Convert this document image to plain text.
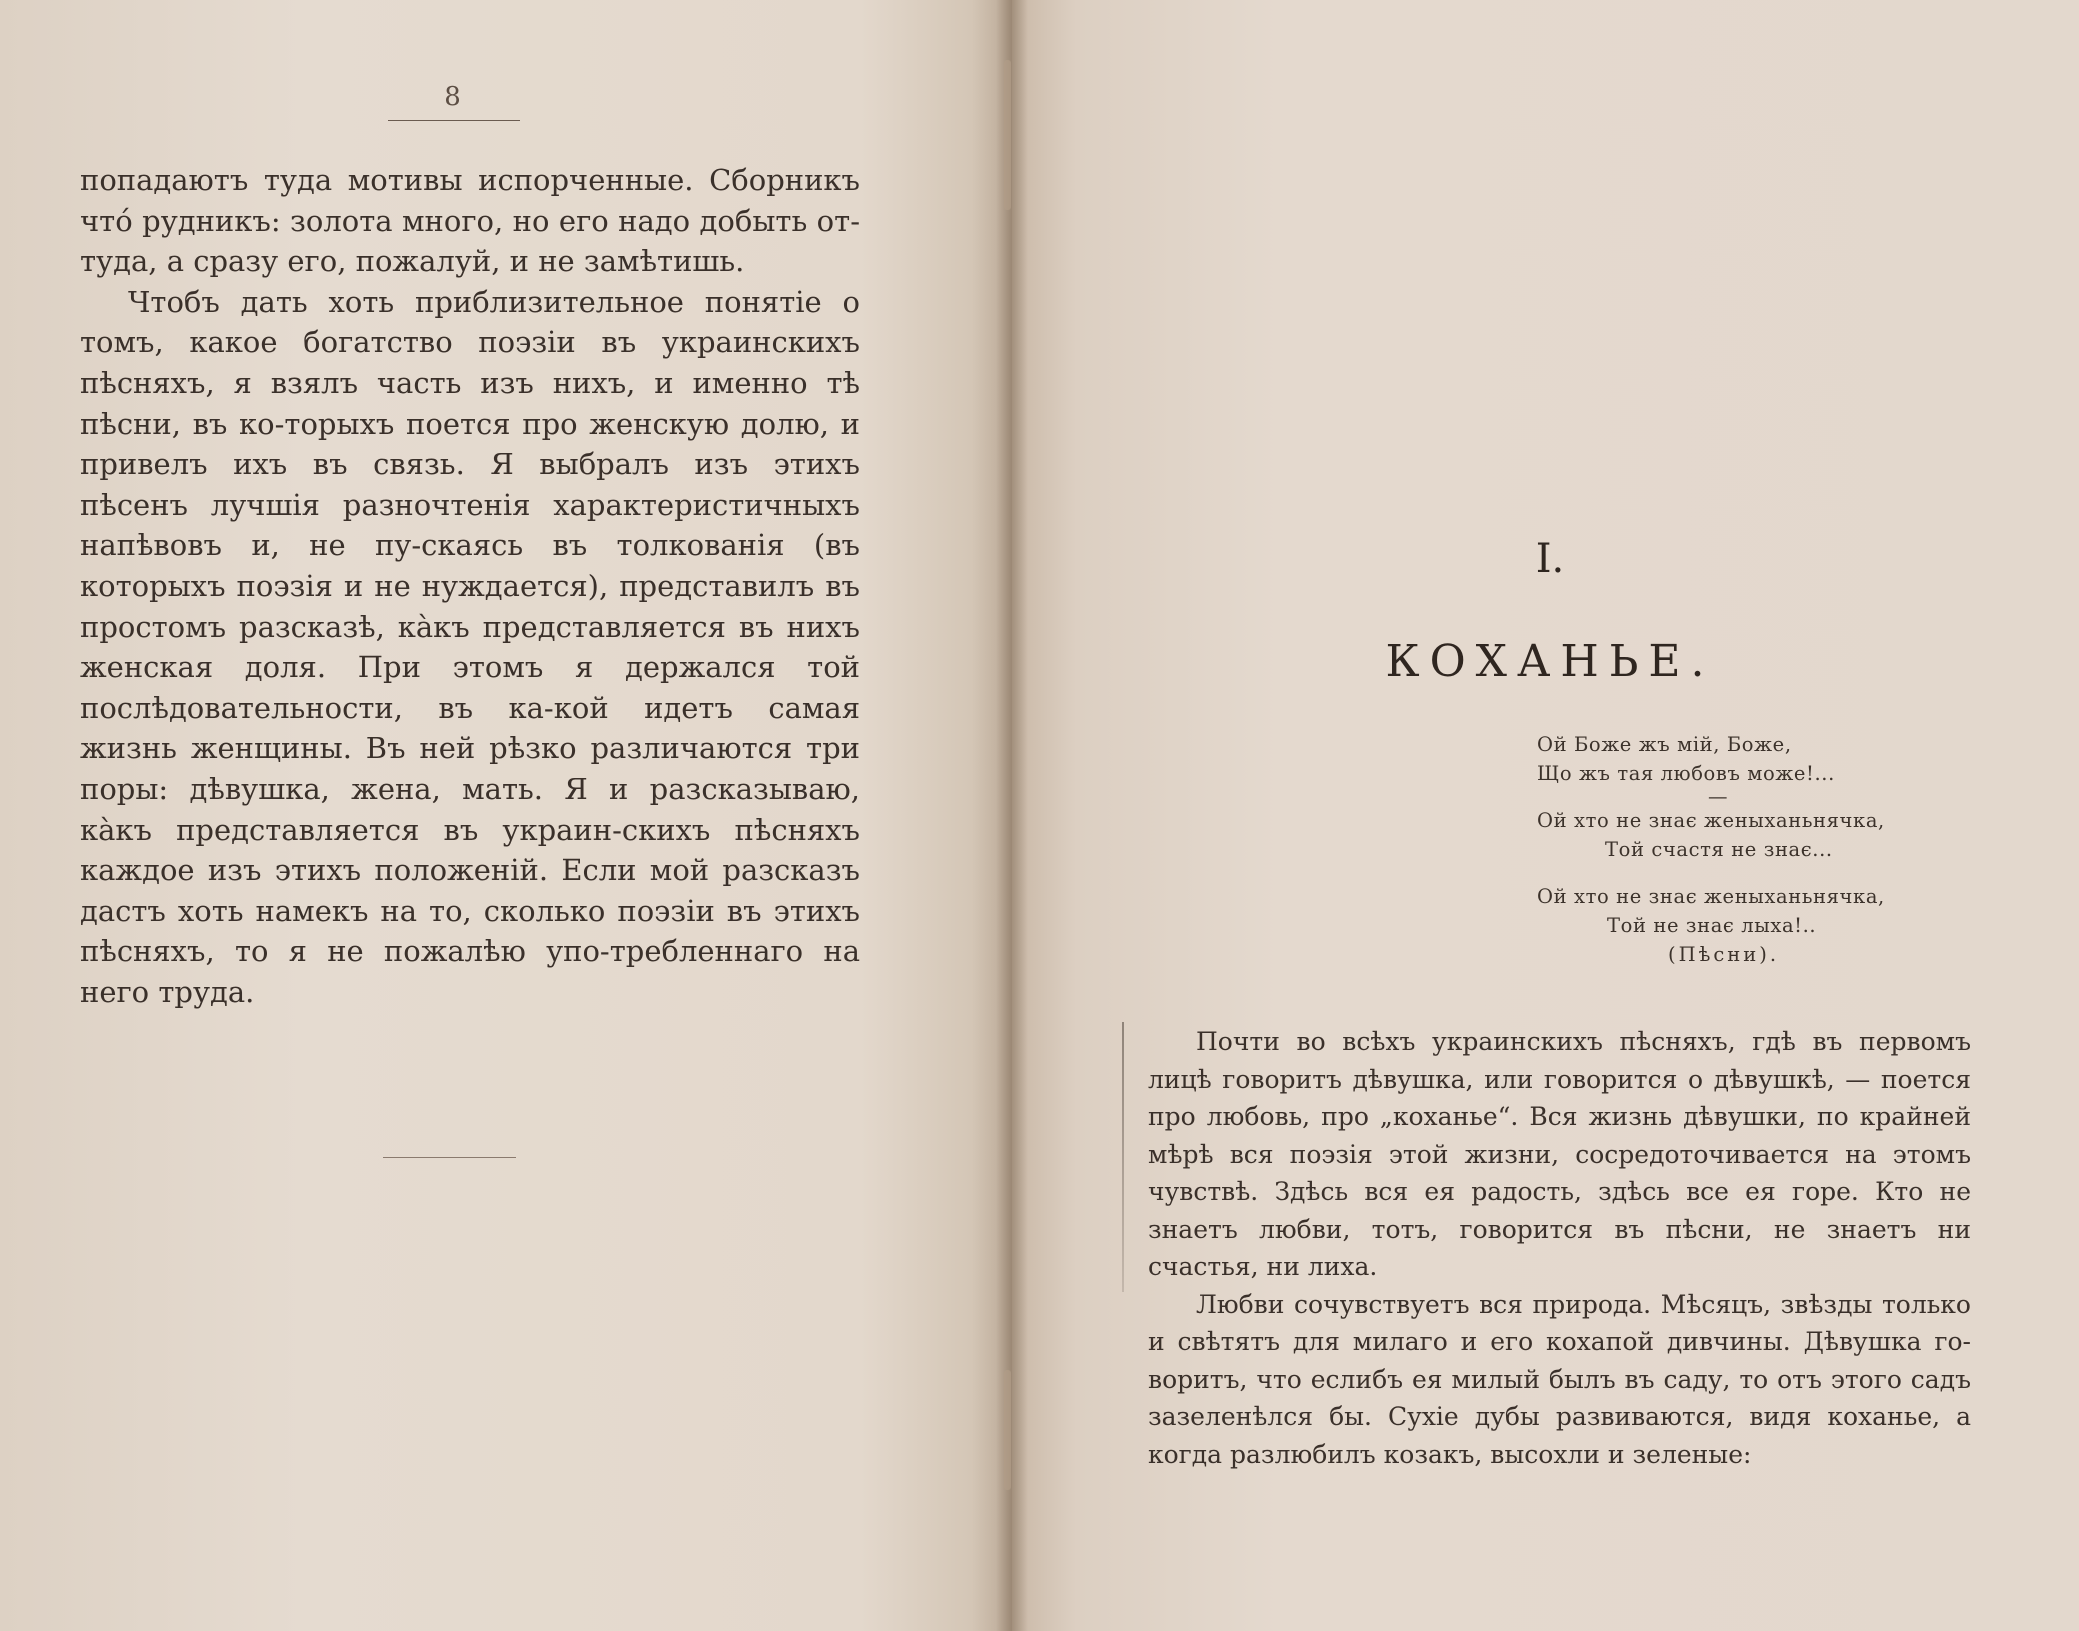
8

попадаютъ туда мотивы испорченные. Сборникъ что́ рудникъ: золота много, но его надо добыть от-туда, а сразу его, пожалуй, и не замѣтишь.

Чтобъ дать хоть приблизительное понятіе о томъ, какое богатство поэзіи въ украинскихъ пѣсняхъ, я взялъ часть изъ нихъ, и именно тѣ пѣсни, въ ко-торыхъ поется про женскую долю, и привелъ ихъ въ связь. Я выбралъ изъ этихъ пѣсенъ лучшія разночтенія характеристичныхъ напѣвовъ и, не пу-скаясь въ толкованія (въ которыхъ поэзія и не нуждается), представилъ въ простомъ разсказѣ, ка̀къ представляется въ нихъ женская доля. При этомъ я держался той послѣдовательности, въ ка-кой идетъ самая жизнь женщины. Въ ней рѣзко различаются три поры: дѣвушка, жена, мать. Я и разсказываю, ка̀къ представляется въ украин-скихъ пѣсняхъ каждое изъ этихъ положеній. Если мой разсказъ дастъ хоть намекъ на то, сколько поэзіи въ этихъ пѣсняхъ, то я не пожалѣю упо-требленнаго на него труда.

I.
КОХАНЬЕ.
Ой Боже жъ мій, Боже,
Що жъ тая любовъ може!...
—
Ой хто не знає женыханьнячка,
Той счастя не знає...
Ой хто не знає женыханьнячка,
Той не знає лыха!..
(Пѣсни).

Почти во всѣхъ украинскихъ пѣсняхъ, гдѣ въ первомъ лицѣ говоритъ дѣвушка, или говорится о дѣвушкѣ, — поется про любовь, про „коханье“. Вся жизнь дѣвушки, по крайней мѣрѣ вся поэзія этой жизни, сосредоточивается на этомъ чувствѣ. Здѣсь вся ея радость, здѣсь все ея горе. Кто не знаетъ любви, тотъ, говорится въ пѣсни, не знаетъ ни счастья, ни лиха.

Любви сочувствуетъ вся природа. Мѣсяцъ, звѣзды только и свѣтятъ для милаго и его кохапой дивчины. Дѣвушка го-воритъ, что еслибъ ея милый былъ въ саду, то отъ этого садъ зазеленѣлся бы. Сухіе дубы развиваются, видя коханье, а когда разлюбилъ козакъ, высохли и зеленые:
